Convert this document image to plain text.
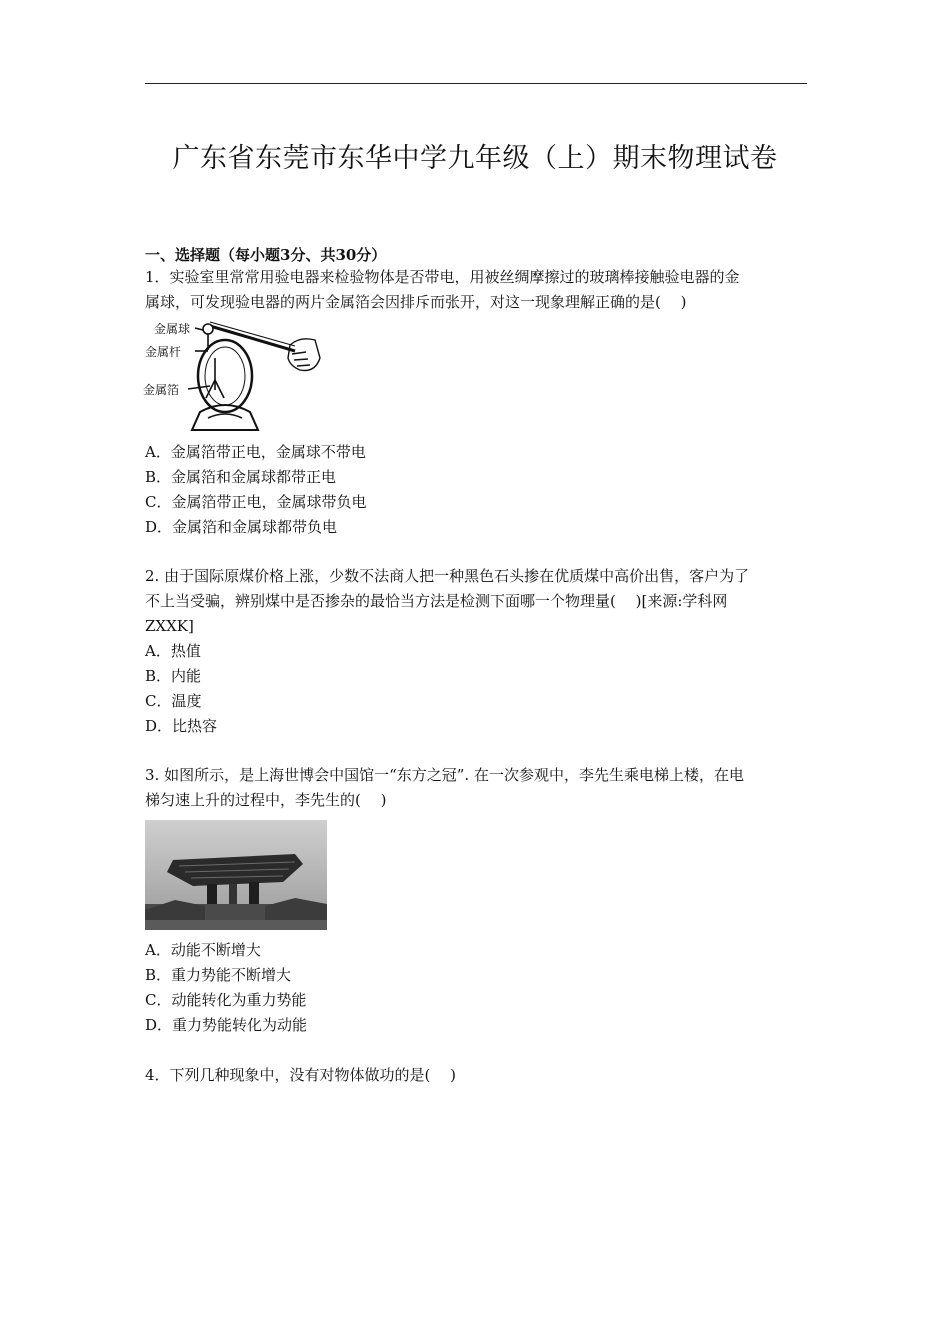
广东省东莞市东华中学九年级（上）期末物理试卷
一、选择题（每小题3分、共30分）
1．实验室里常常用验电器来检验物体是否带电，用被丝绸摩擦过的玻璃棒接触验电器的金
属球，可发现验电器的两片金属箔会因排斥而张开，对这一现象理解正确的是(　 )
金属球
金属杆
金属箔
A．金属箔带正电，金属球不带电
B．金属箔和金属球都带正电
C．金属箔带正电，金属球带负电
D．金属箔和金属球都带负电
2. 由于国际原煤价格上涨，少数不法商人把一种黑色石头掺在优质煤中高价出售，客户为了
不上当受骗，辨别煤中是否掺杂的最恰当方法是检测下面哪一个物理量(　 )[来源:学科网
ZXXK]
A．热值
B．内能
C．温度
D．比热容
3. 如图所示，是上海世博会中国馆一“东方之冠”. 在一次参观中，李先生乘电梯上楼，在电
梯匀速上升的过程中，李先生的(　 )
A．动能不断增大
B．重力势能不断增大
C．动能转化为重力势能
D．重力势能转化为动能
4．下列几种现象中，没有对物体做功的是(　 )
